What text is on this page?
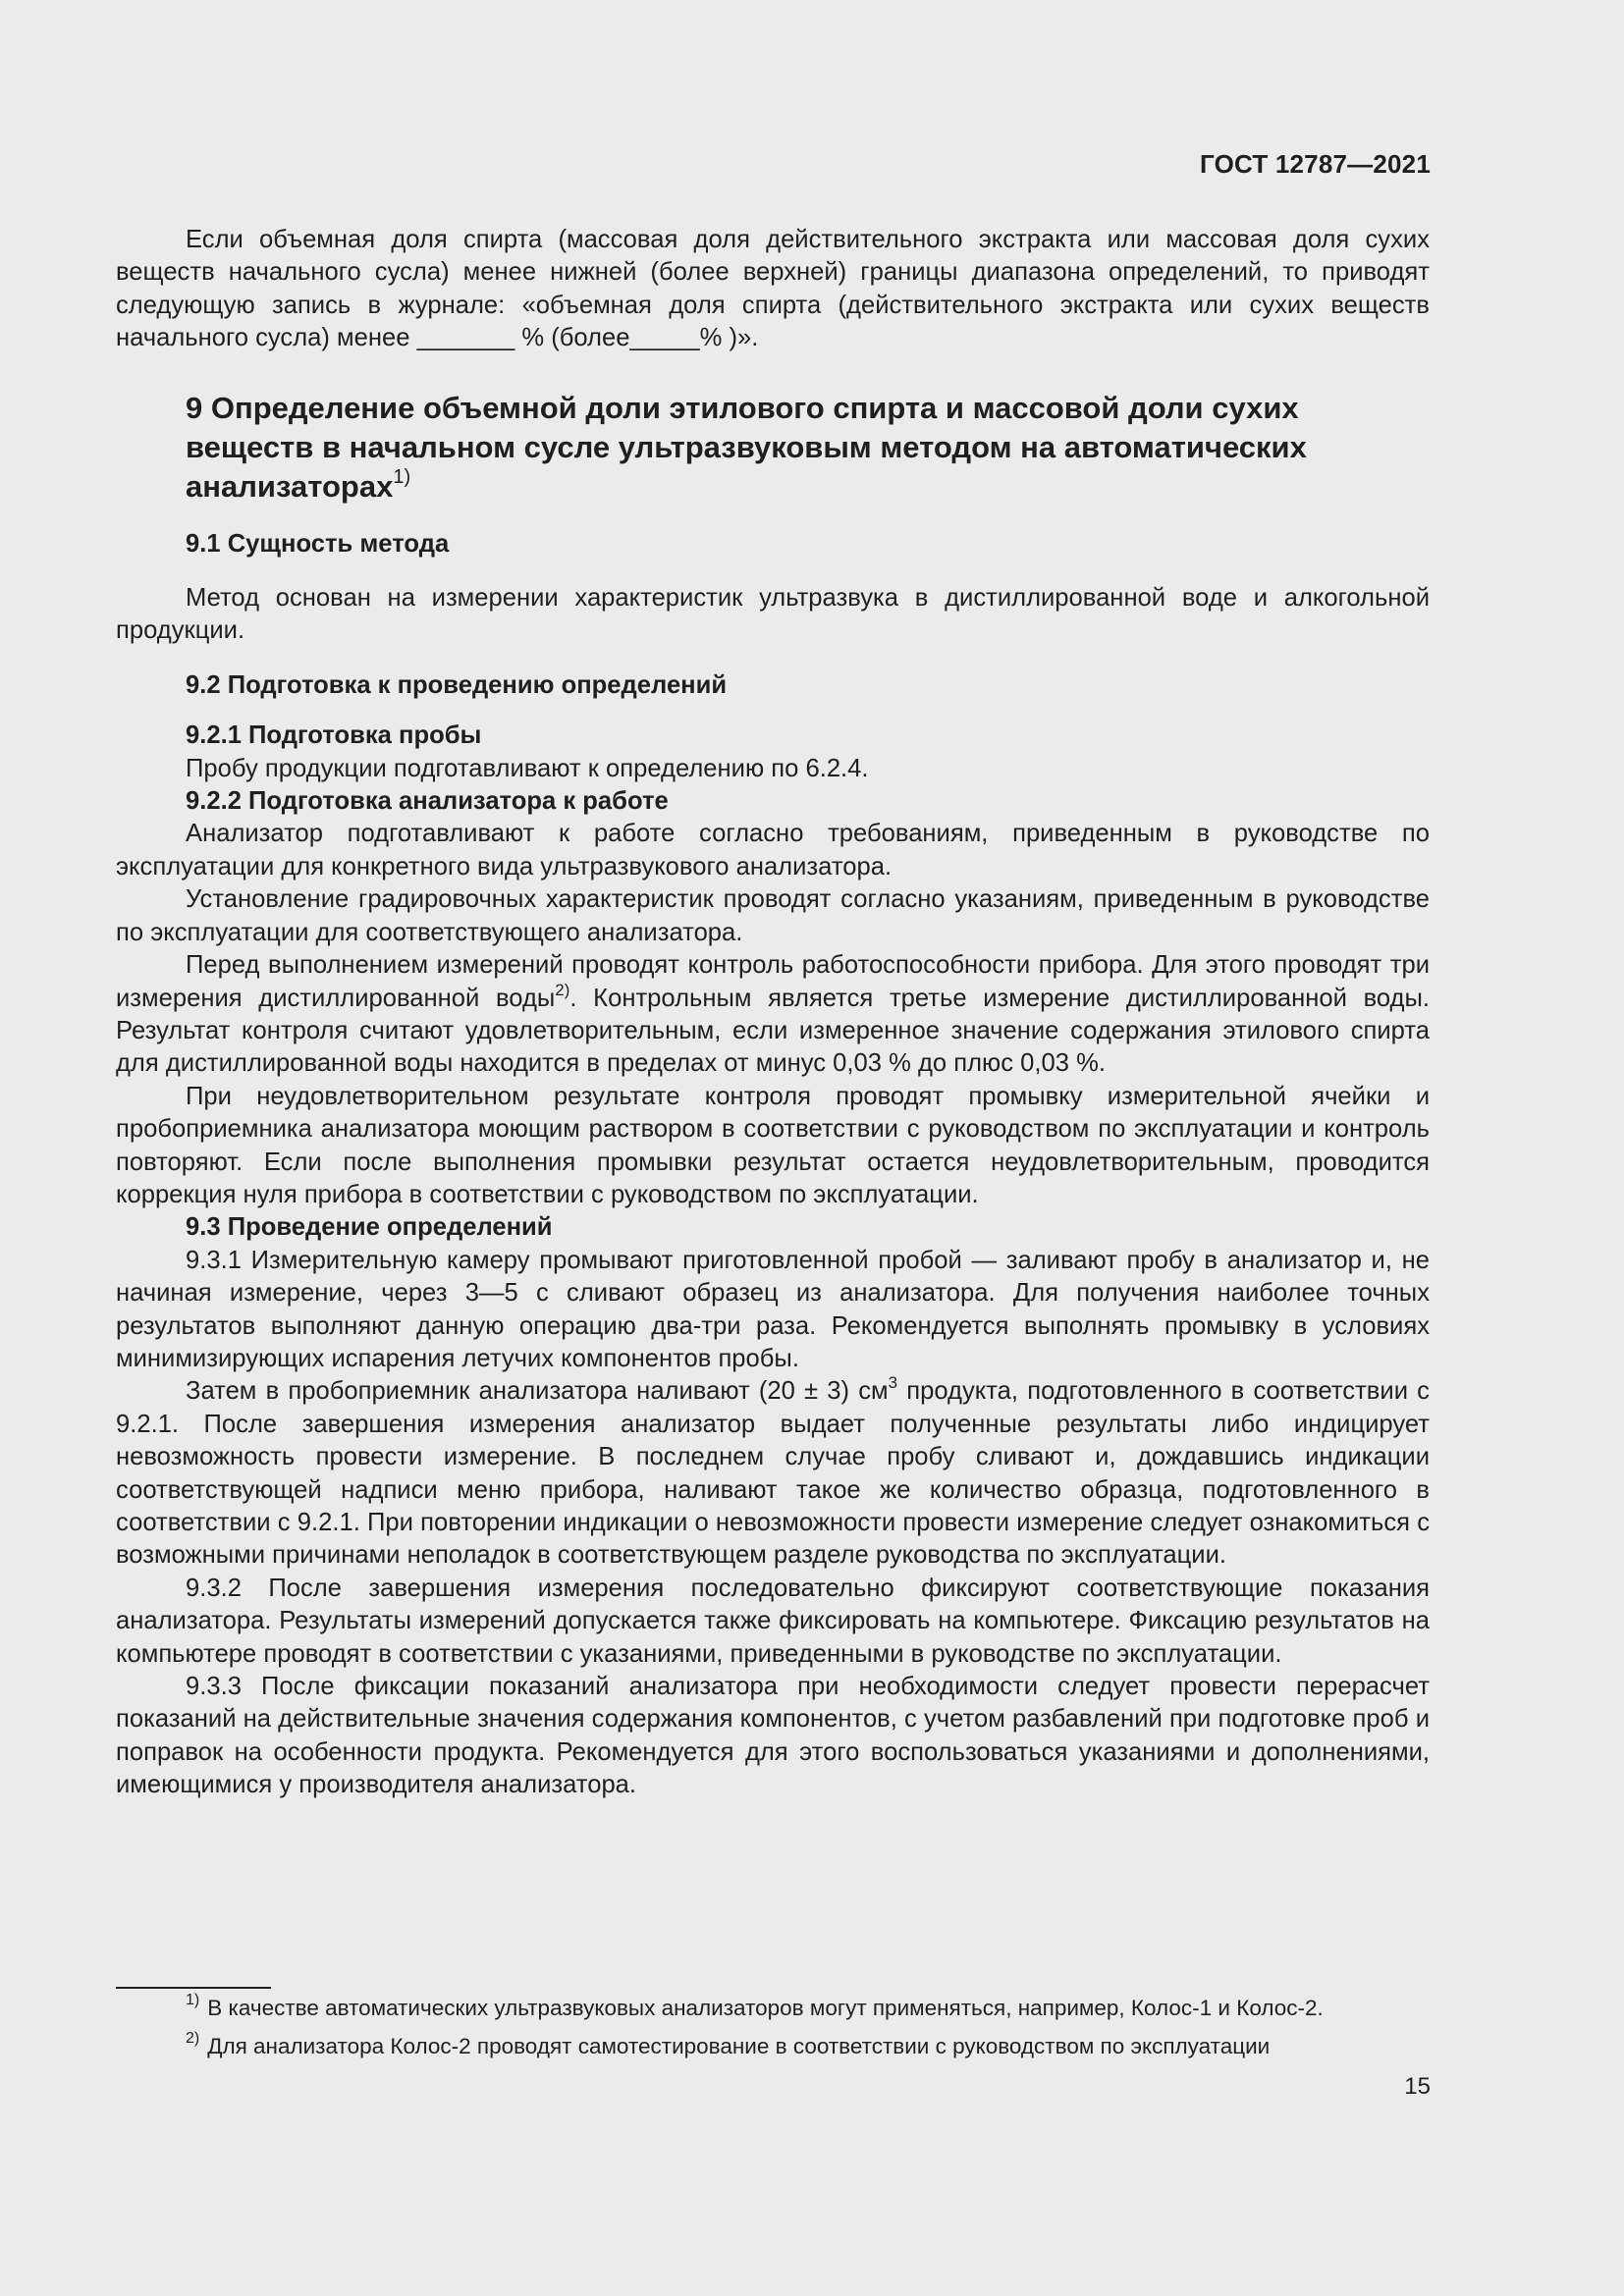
ГОСТ 12787—2021

Если объемная доля спирта (массовая доля действительного экстракта или массовая доля сухих веществ начального сусла) менее нижней (более верхней) границы диапазона определений, то приводят следующую запись в журнале: «объемная доля спирта (действительного экстракта или сухих веществ начального сусла) менее _______ % (более_____% )».

9 Определение объемной доли этилового спирта и массовой доли сухих веществ в начальном сусле ультразвуковым методом на автоматических анализаторах$^{1)}$

9.1 Сущность метода

Метод основан на измерении характеристик ультразвука в дистиллированной воде и алкогольной продукции.

9.2 Подготовка к проведению определений

9.2.1 Подготовка пробы

Пробу продукции подготавливают к определению по 6.2.4.

9.2.2 Подготовка анализатора к работе

Анализатор подготавливают к работе согласно требованиям, приведенным в руководстве по эксплуатации для конкретного вида ультразвукового анализатора.

Установление градировочных характеристик проводят согласно указаниям, приведенным в руководстве по эксплуатации для соответствующего анализатора.

Перед выполнением измерений проводят контроль работоспособности прибора. Для этого проводят три измерения дистиллированной воды$^{2)}$. Контрольным является третье измерение дистиллированной воды. Результат контроля считают удовлетворительным, если измеренное значение содержания этилового спирта для дистиллированной воды находится в пределах от минус 0,03 % до плюс 0,03 %.

При неудовлетворительном результате контроля проводят промывку измерительной ячейки и пробоприемника анализатора моющим раствором в соответствии с руководством по эксплуатации и контроль повторяют. Если после выполнения промывки результат остается неудовлетворительным, проводится коррекция нуля прибора в соответствии с руководством по эксплуатации.

9.3 Проведение определений

9.3.1 Измерительную камеру промывают приготовленной пробой — заливают пробу в анализатор и, не начиная измерение, через 3—5 с сливают образец из анализатора. Для получения наиболее точных результатов выполняют данную операцию два-три раза. Рекомендуется выполнять промывку в условиях минимизирующих испарения летучих компонентов пробы.

Затем в пробоприемник анализатора наливают (20 ± 3) см$^3$ продукта, подготовленного в соответствии с 9.2.1. После завершения измерения анализатор выдает полученные результаты либо индицирует невозможность провести измерение. В последнем случае пробу сливают и, дождавшись индикации соответствующей надписи меню прибора, наливают такое же количество образца, подготовленного в соответствии с 9.2.1. При повторении индикации о невозможности провести измерение следует ознакомиться с возможными причинами неполадок в соответствующем разделе руководства по эксплуатации.

9.3.2 После завершения измерения последовательно фиксируют соответствующие показания анализатора. Результаты измерений допускается также фиксировать на компьютере. Фиксацию результатов на компьютере проводят в соответствии с указаниями, приведенными в руководстве по эксплуатации.

9.3.3 После фиксации показаний анализатора при необходимости следует провести перерасчет показаний на действительные значения содержания компонентов, с учетом разбавлений при подготовке проб и поправок на особенности продукта. Рекомендуется для этого воспользоваться указаниями и дополнениями, имеющимися у производителя анализатора.

$^{1)}$ В качестве автоматических ультразвуковых анализаторов могут применяться, например, Колос-1 и Колос-2.

$^{2)}$ Для анализатора Колос-2 проводят самотестирование в соответствии с руководством по эксплуатации

15
